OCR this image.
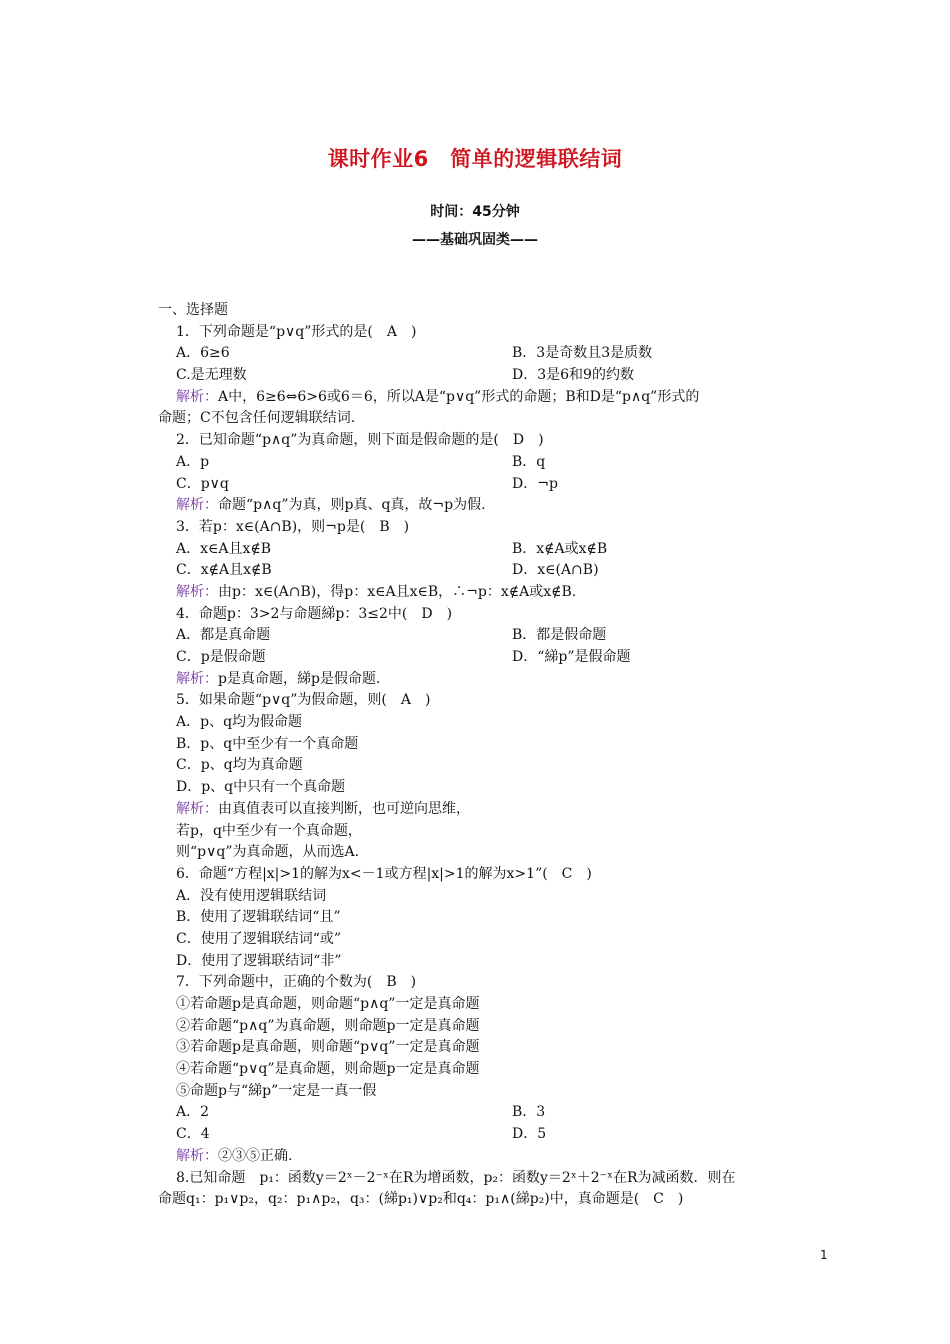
课时作业6　简单的逻辑联结词
时间：45分钟
——基础巩固类——
一、选择题
1．下列命题是“p∨q”形式的是(　A　)
A．6≥6	B．3是奇数且3是质数
C.是无理数	D．3是6和9的约数
解析：A中，6≥6⇔6>6或6＝6，所以A是“p∨q”形式的命题；B和D是“p∧q”形式的
命题；C不包含任何逻辑联结词.
2．已知命题“p∧q”为真命题，则下面是假命题的是(　D　)
A．p	B．q
C．p∨q	D．¬p
解析：命题“p∧q”为真，则p真、q真，故¬p为假.
3．若p：x∈(A∩B)，则¬p是(　B　)
A．x∈A且x∉B	B．x∉A或x∉B
C．x∉A且x∉B	D．x∈(A∩B)
解析：由p：x∈(A∩B)，得p：x∈A且x∈B，∴¬p：x∉A或x∉B.
4．命题p：3>2与命题綈p：3≤2中(　D　)
A．都是真命题	B．都是假命题
C．p是假命题	D．“綈p”是假命题
解析：p是真命题，綈p是假命题.
5．如果命题“p∨q”为假命题，则(　A　)
A．p、q均为假命题
B．p、q中至少有一个真命题
C．p、q均为真命题
D．p、q中只有一个真命题
解析：由真值表可以直接判断，也可逆向思维，
若p，q中至少有一个真命题，
则“p∨q”为真命题，从而选A.
6．命题“方程|x|>1的解为x<－1或方程|x|>1的解为x>1”(　C　)
A．没有使用逻辑联结词
B．使用了逻辑联结词“且”
C．使用了逻辑联结词“或”
D．使用了逻辑联结词“非”
7．下列命题中，正确的个数为(　B　)
①若命题p是真命题，则命题“p∧q”一定是真命题
②若命题“p∧q”为真命题，则命题p一定是真命题
③若命题p是真命题，则命题“p∨q”一定是真命题
④若命题“p∨q”是真命题，则命题p一定是真命题
⑤命题p与“綈p”一定是一真一假
A．2	B．3
C．4	D．5
解析：②③⑤正确.
8.已知命题　p₁：函数y＝2ˣ－2⁻ˣ在R为增函数，p₂：函数y＝2ˣ＋2⁻ˣ在R为减函数．则在
命题q₁：p₁∨p₂，q₂：p₁∧p₂，q₃：(綈p₁)∨p₂和q₄：p₁∧(綈p₂)中，真命题是(　C　)
1
